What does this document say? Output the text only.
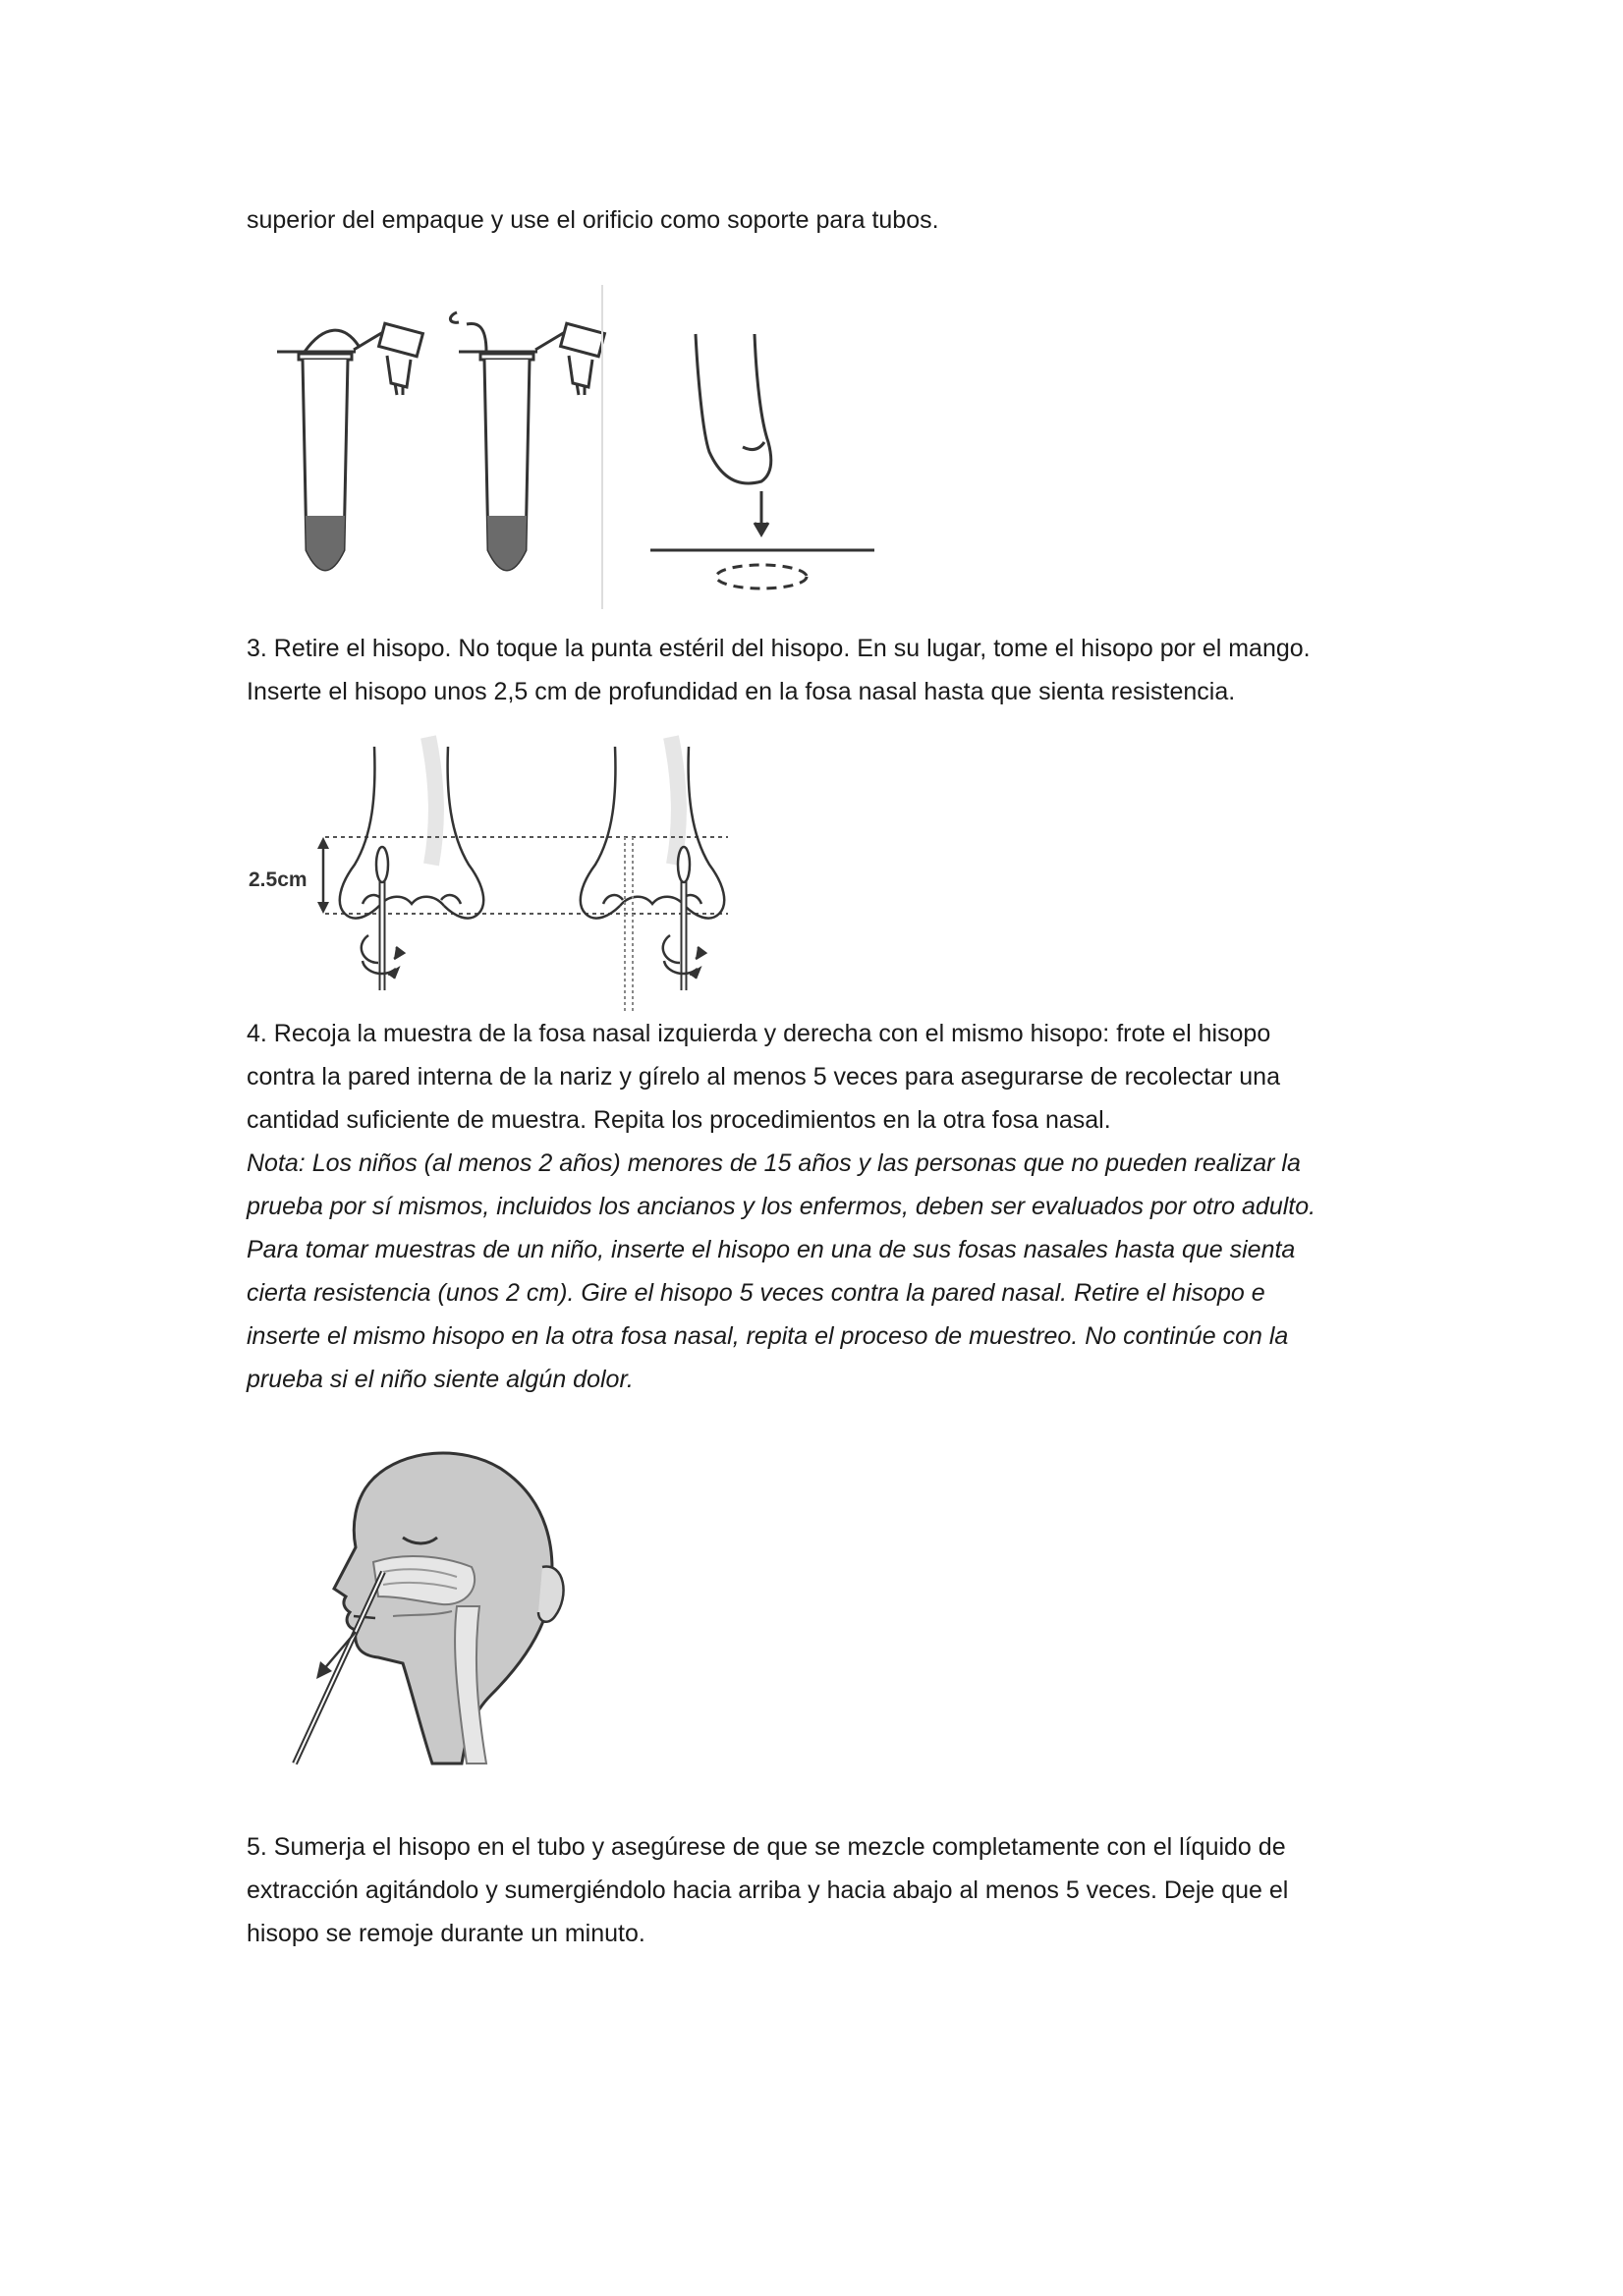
superior del empaque y use el orificio como soporte para tubos.

3. Retire el hisopo. No toque la punta estéril del hisopo. En su lugar, tome el hisopo por el mango.
Inserte el hisopo unos 2,5 cm de profundidad en la fosa nasal hasta que sienta resistencia.

2.5cm

4. Recoja la muestra de la fosa nasal izquierda y derecha con el mismo hisopo: frote el hisopo
contra la pared interna de la nariz y gírelo al menos 5 veces para asegurarse de recolectar una
cantidad suficiente de muestra. Repita los procedimientos en la otra fosa nasal.

Nota: Los niños (al menos 2 años) menores de 15 años y las personas que no pueden realizar la
prueba por sí mismos, incluidos los ancianos y los enfermos, deben ser evaluados por otro adulto.
Para tomar muestras de un niño, inserte el hisopo en una de sus fosas nasales hasta que sienta
cierta resistencia (unos 2 cm). Gire el hisopo 5 veces contra la pared nasal. Retire el hisopo e
inserte el mismo hisopo en la otra fosa nasal, repita el proceso de muestreo. No continúe con la
prueba si el niño siente algún dolor.

5. Sumerja el hisopo en el tubo y asegúrese de que se mezcle completamente con el líquido de
extracción agitándolo y sumergiéndolo hacia arriba y hacia abajo al menos 5 veces. Deje que el
hisopo se remoje durante un minuto.
